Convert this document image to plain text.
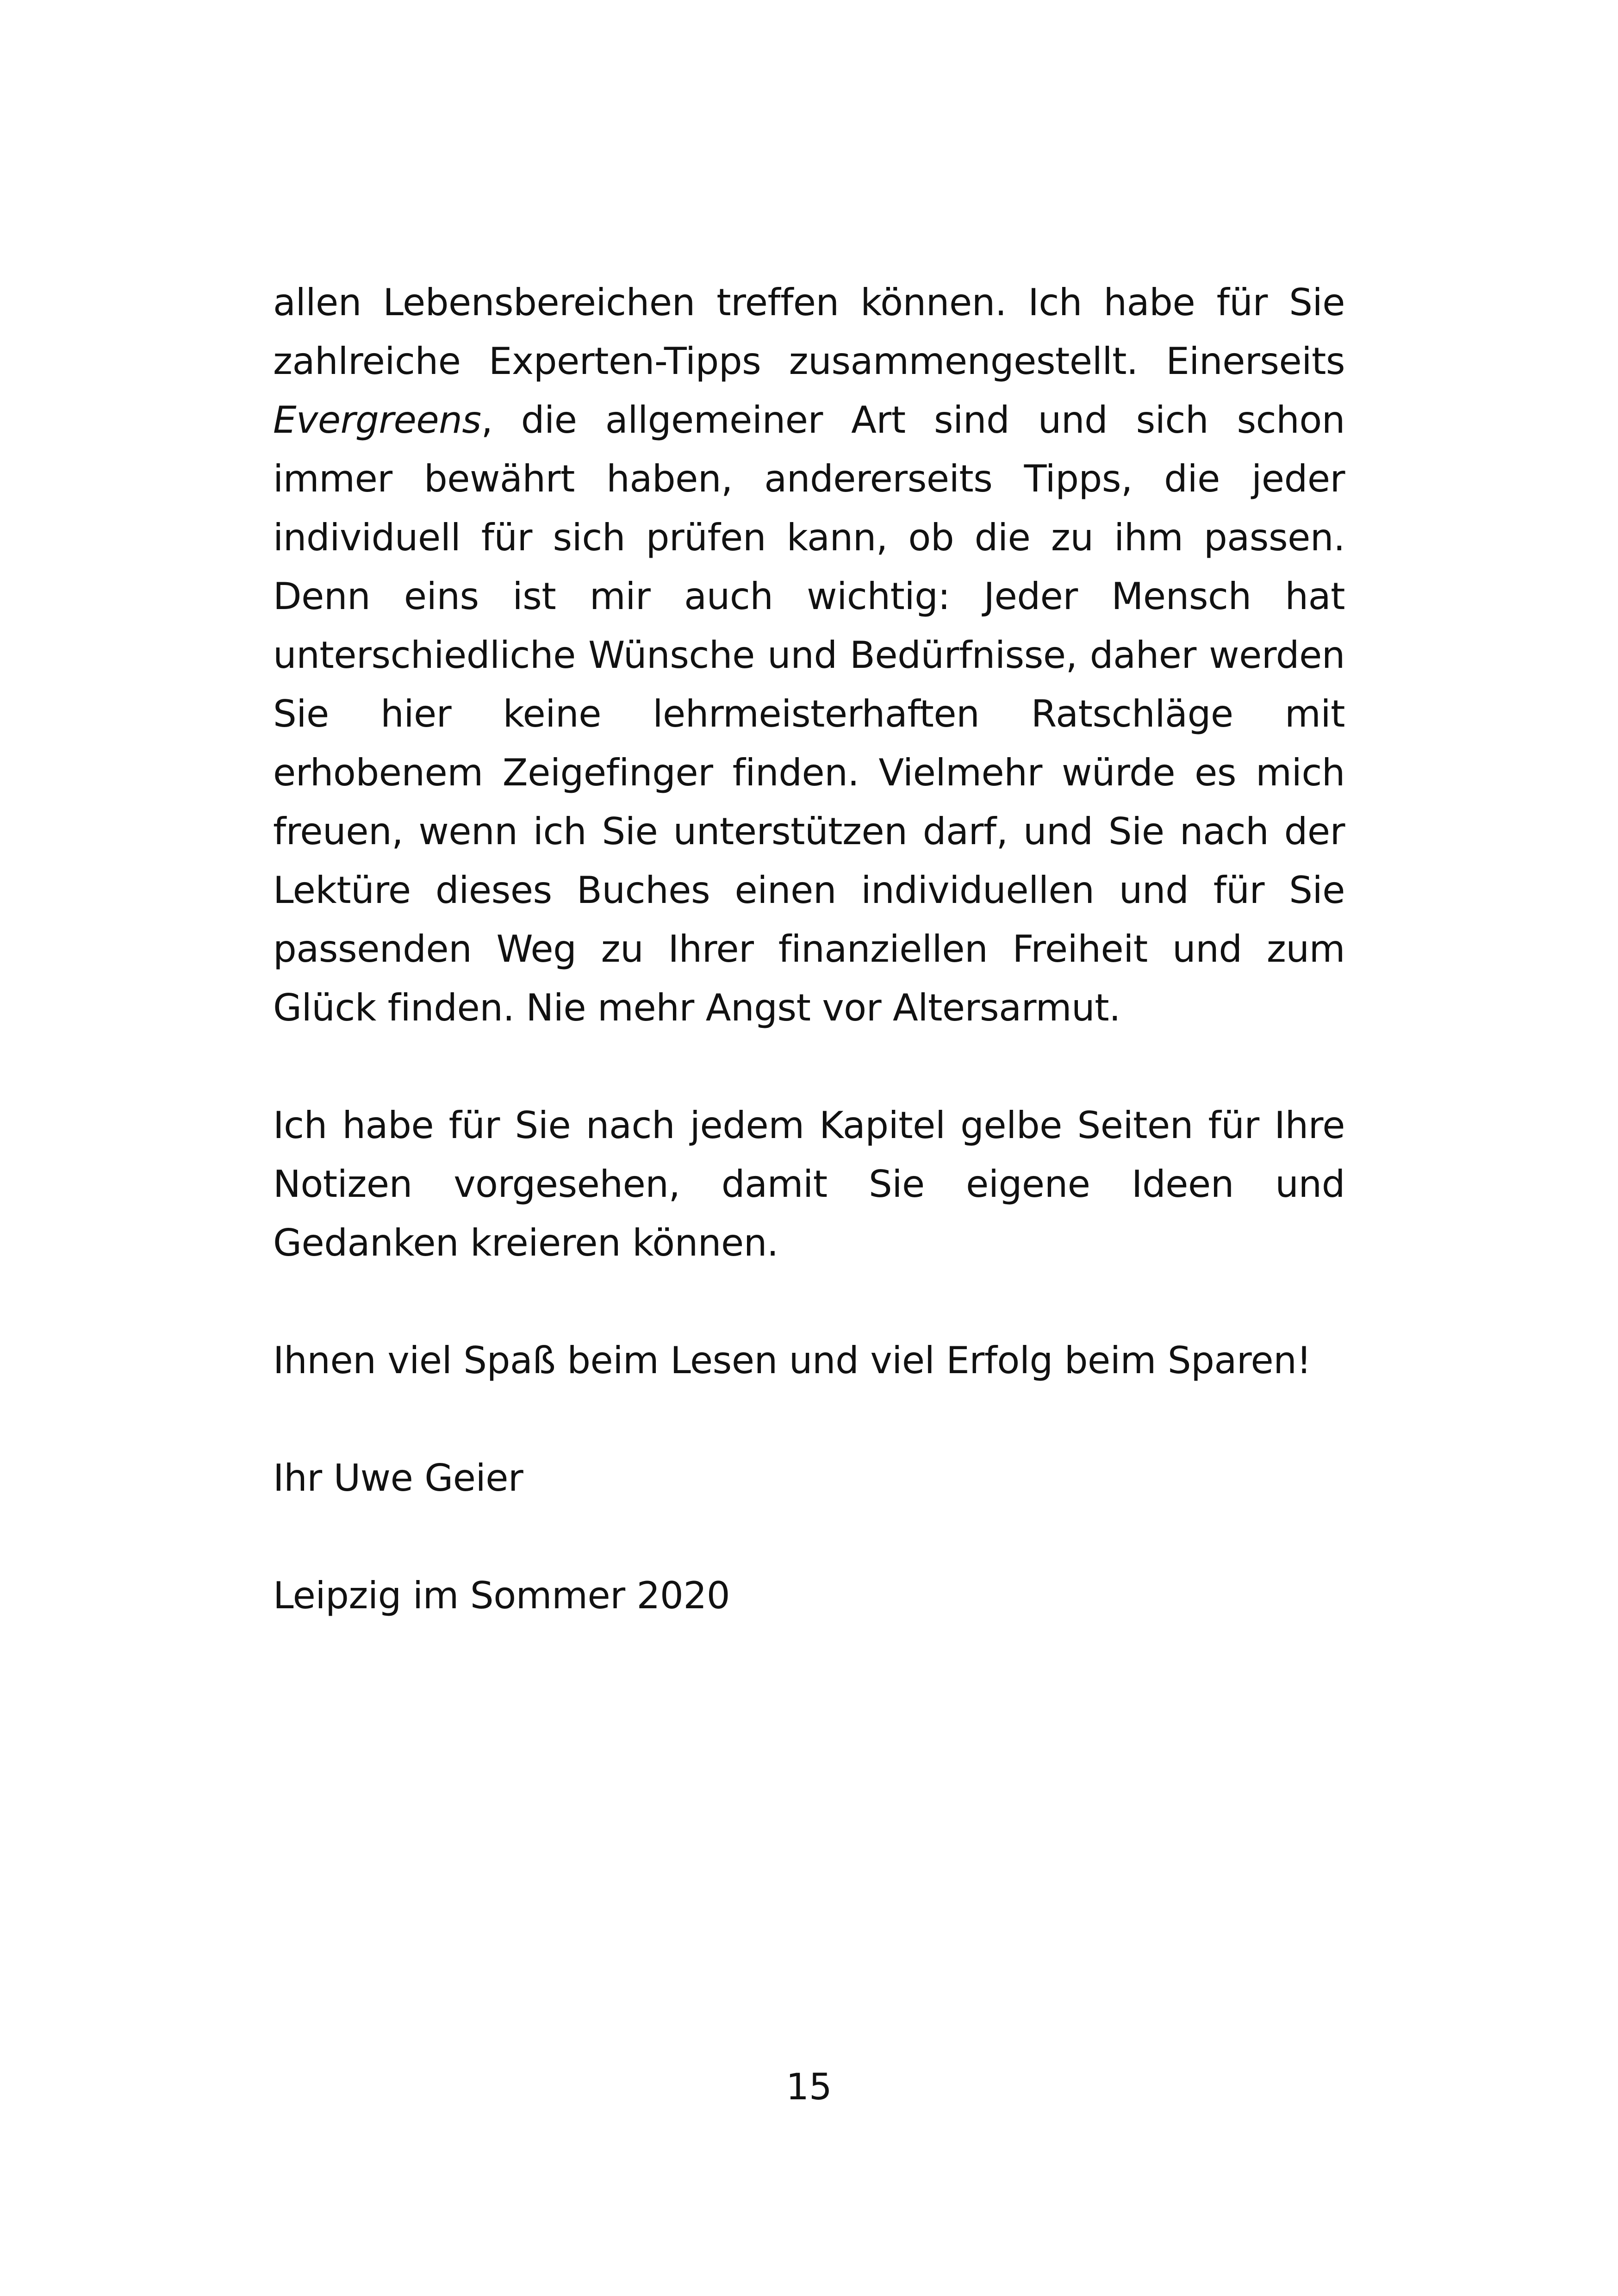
allen Lebensbereichen treffen können. Ich habe für Sie zahlreiche Experten-Tipps zusammengestellt. Einerseits Evergreens, die allgemeiner Art sind und sich schon immer bewährt haben, andererseits Tipps, die jeder individuell für sich prüfen kann, ob die zu ihm passen. Denn eins ist mir auch wichtig: Jeder Mensch hat unterschiedliche Wünsche und Bedürfnisse, daher werden Sie hier keine lehrmeisterhaften Ratschläge mit erhobenem Zeigefinger finden. Vielmehr würde es mich freuen, wenn ich Sie unterstützen darf, und Sie nach der Lektüre dieses Buches einen individuellen und für Sie passenden Weg zu Ihrer finanziellen Freiheit und zum Glück finden. Nie mehr Angst vor Altersarmut.

Ich habe für Sie nach jedem Kapitel gelbe Seiten für Ihre Notizen vorgesehen, damit Sie eigene Ideen und Gedanken kreieren können.

Ihnen viel Spaß beim Lesen und viel Erfolg beim Sparen!

Ihr Uwe Geier

Leipzig im Sommer 2020

15
